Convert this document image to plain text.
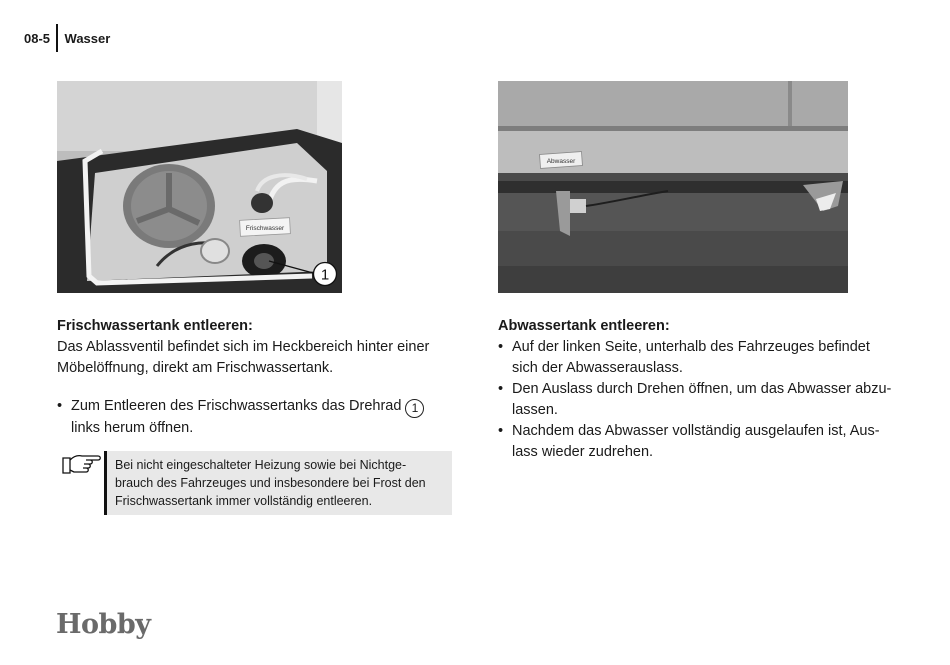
08-5	Wasser
Frischwasser
1
Abwasser
Frischwassertank entleeren:
Das Ablassventil befindet sich im Heckbereich hinter einer
Möbelöffnung, direkt am Frischwassertank.
• Zum Entleeren des Frischwassertanks das Drehrad 1
links herum öffnen.
Bei nicht eingeschalteter Heizung sowie bei Nichtge-
brauch des Fahrzeuges und insbesondere bei Frost den
Frischwassertank immer vollständig entleeren.
Abwassertank entleeren:
• Auf der linken Seite, unterhalb des Fahrzeuges befindet
sich der Abwasserauslass.
• Den Auslass durch Drehen öffnen, um das Abwasser abzu-
lassen.
• Nachdem das Abwasser vollständig ausgelaufen ist, Aus-
lass wieder zudrehen.
Hobby
